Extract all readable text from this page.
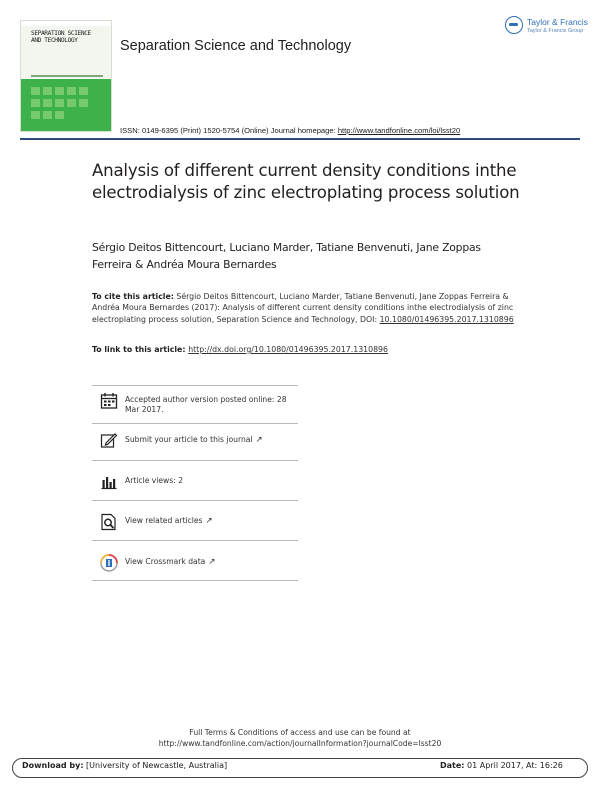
SEPARATION SCIENCE
AND TECHNOLOGY	Separation Science and Technology
Taylor & Francis
Taylor & Francis Group
ISSN: 0149-6395 (Print) 1520-5754 (Online) Journal homepage: http://www.tandfonline.com/loi/lsst20
Analysis of different current density conditions inthe electrodialysis of zinc electroplating process solution
Sérgio Deitos Bittencourt, Luciano Marder, Tatiane Benvenuti, Jane Zoppas Ferreira & Andréa Moura Bernardes
To cite this article: Sérgio Deitos Bittencourt, Luciano Marder, Tatiane Benvenuti, Jane Zoppas Ferreira & Andréa Moura Bernardes (2017): Analysis of different current density conditions inthe electrodialysis of zinc electroplating process solution, Separation Science and Technology, DOI: 10.1080/01496395.2017.1310896
To link to this article: http://dx.doi.org/10.1080/01496395.2017.1310896
Accepted author version posted online: 28 Mar 2017.
Submit your article to this journal ↗
Article views: 2
View related articles ↗
View Crossmark data ↗
Full Terms & Conditions of access and use can be found at
http://www.tandfonline.com/action/journalInformation?journalCode=lsst20
Download by: [University of Newcastle, Australia]	Date: 01 April 2017, At: 16:26
